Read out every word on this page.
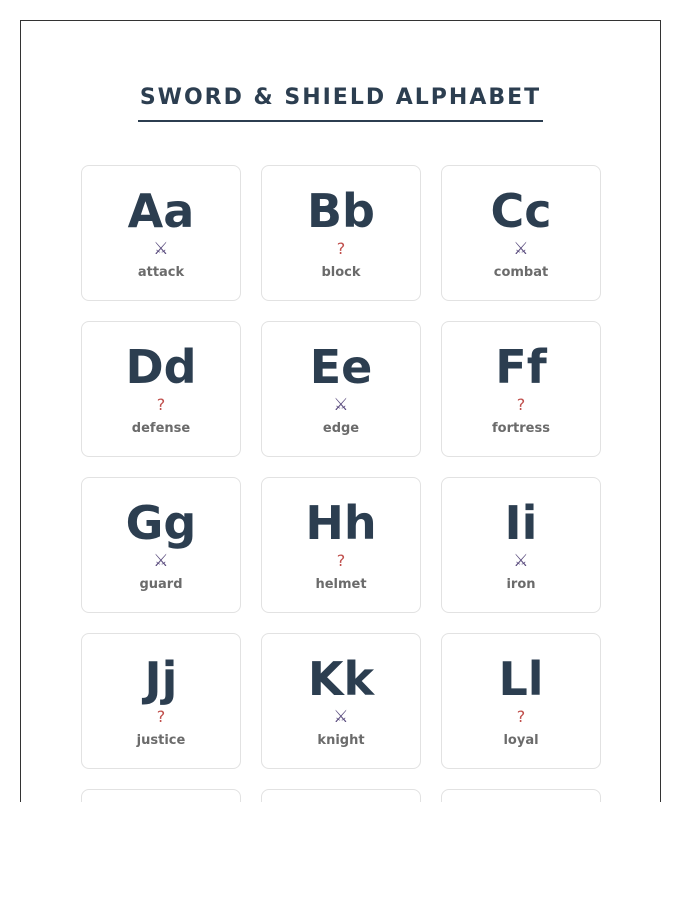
SWORD & SHIELD ALPHABET
Aa
⚔
attack
Bb
?
block
Cc
⚔
combat
Dd
?
defense
Ee
⚔
edge
Ff
?
fortress
Gg
⚔
guard
Hh
?
helmet
Ii
⚔
iron
Jj
?
justice
Kk
⚔
knight
Ll
?
loyal
